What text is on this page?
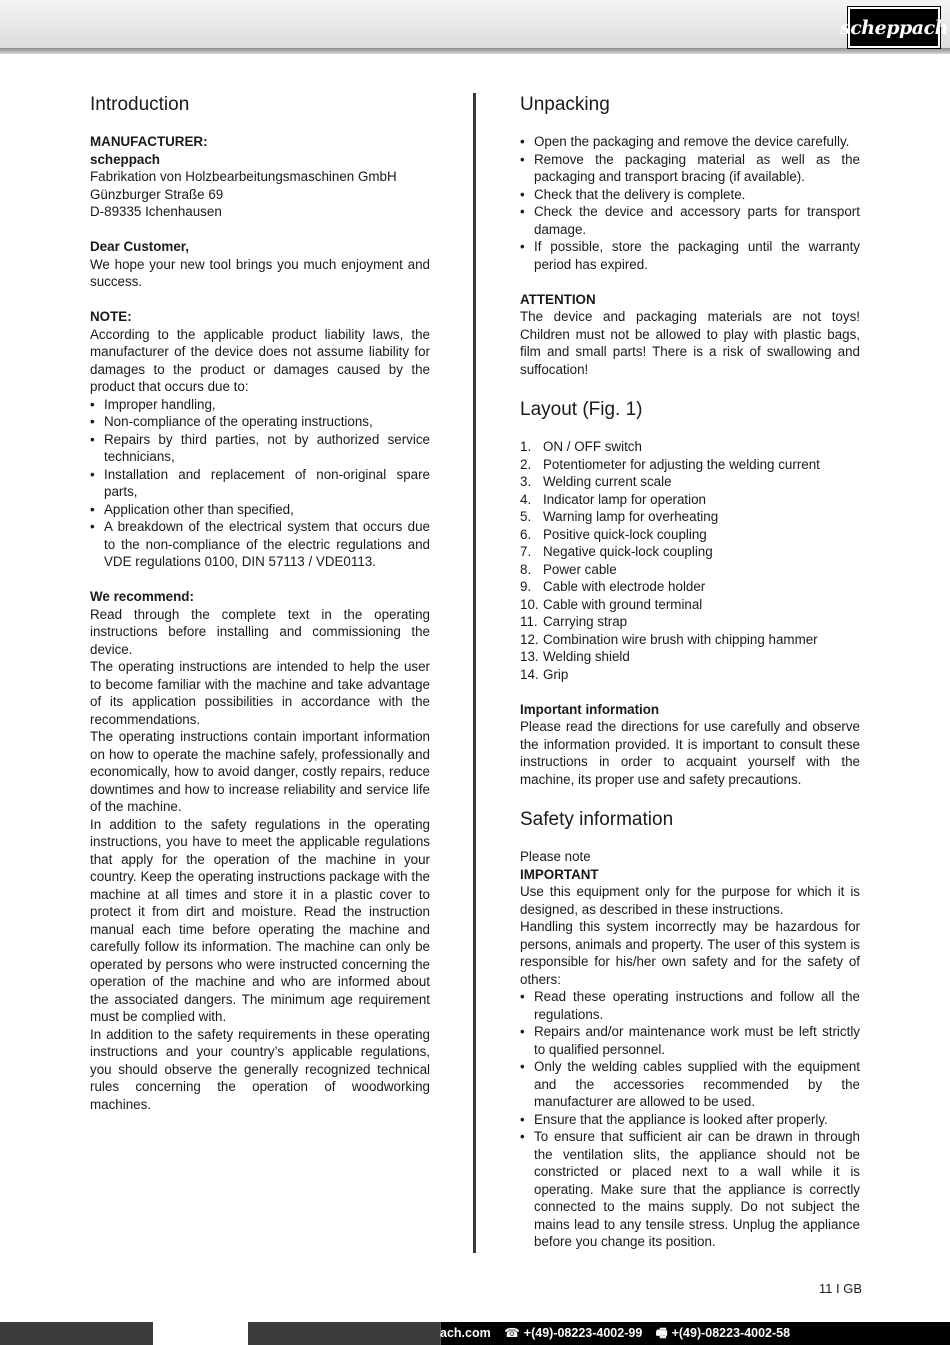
scheppach
Introduction

MANUFACTURER:

scheppach

Fabrikation von Holzbearbeitungsmaschinen GmbH

Günzburger Straße 69

D-89335 Ichenhausen

Dear Customer,

We hope your new tool brings you much enjoyment and success.

NOTE:

According to the applicable product liability laws, the manufacturer of the device does not assume liability for damages to the product or damages caused by the product that occurs due to:

• Improper handling,
• Non-compliance of the operating instructions,
• Repairs by third parties, not by authorized service technicians,
• Installation and replacement of non-original spare parts,
• Application other than specified,
• A breakdown of the electrical system that occurs due to the non-compliance of the electric regulations and VDE regulations 0100, DIN 57113 / VDE0113.

We recommend:

Read through the complete text in the operating instructions before installing and commissioning the device.

The operating instructions are intended to help the user to become familiar with the machine and take advantage of its application possibilities in accordance with the recommendations.

The operating instructions contain important information on how to operate the machine safely, professionally and economically, how to avoid danger, costly repairs, reduce downtimes and how to increase reliability and service life of the machine.

In addition to the safety regulations in the operating instructions, you have to meet the applicable regulations that apply for the operation of the machine in your country. Keep the operating instructions package with the machine at all times and store it in a plastic cover to protect it from dirt and moisture. Read the instruction manual each time before operating the machine and carefully follow its information. The machine can only be operated by persons who were instructed concerning the operation of the machine and who are informed about the associated dangers. The minimum age requirement must be complied with.

In addition to the safety requirements in these operating instructions and your country’s applicable regulations, you should observe the generally recognized technical rules concerning the operation of woodworking machines.

Unpacking
• Open the packaging and remove the device carefully.
• Remove the packaging material as well as the packaging and transport bracing (if available).
• Check that the delivery is complete.
• Check the device and accessory parts for transport damage.
• If possible, store the packaging until the warranty period has expired.

ATTENTION

The device and packaging materials are not toys! Children must not be allowed to play with plastic bags, film and small parts! There is a risk of swallowing and suffocation!

Layout (Fig. 1)
1. ON / OFF switch
2. Potentiometer for adjusting the welding current
3. Welding current scale
4. Indicator lamp for operation
5. Warning lamp for overheating
6. Positive quick-lock coupling
7. Negative quick-lock coupling
8. Power cable
9. Cable with electrode holder
10. Cable with ground terminal
11. Carrying strap
12. Combination wire brush with chipping hammer
13. Welding shield
14. Grip

Important information

Please read the directions for use carefully and observe the information provided. It is important to consult these instructions in order to acquaint yourself with the machine, its proper use and safety precautions.

Safety information

Please note

IMPORTANT

Use this equipment only for the purpose for which it is designed, as described in these instructions.

Handling this system incorrectly may be hazardous for persons, animals and property. The user of this system is responsible for his/her own safety and for the safety of others:

• Read these operating instructions and follow all the regulations.
• Repairs and/or maintenance work must be left strictly to qualified personnel.
• Only the welding cables supplied with the equipment and the accessories recommended by the manufacturer are allowed to be used.
• Ensure that the appliance is looked after properly.
• To ensure that sufficient air can be drawn in through the ventilation slits, the appliance should not be constricted or placed next to a wall while it is operating. Make sure that the appliance is correctly connected to the mains supply. Do not subject the mains lead to any tensile stress. Unplug the appliance before you change its position.
11 I GB
ach.com ☎ +(49)-08223-4002-99 🖷 +(49)-08223-4002-58
